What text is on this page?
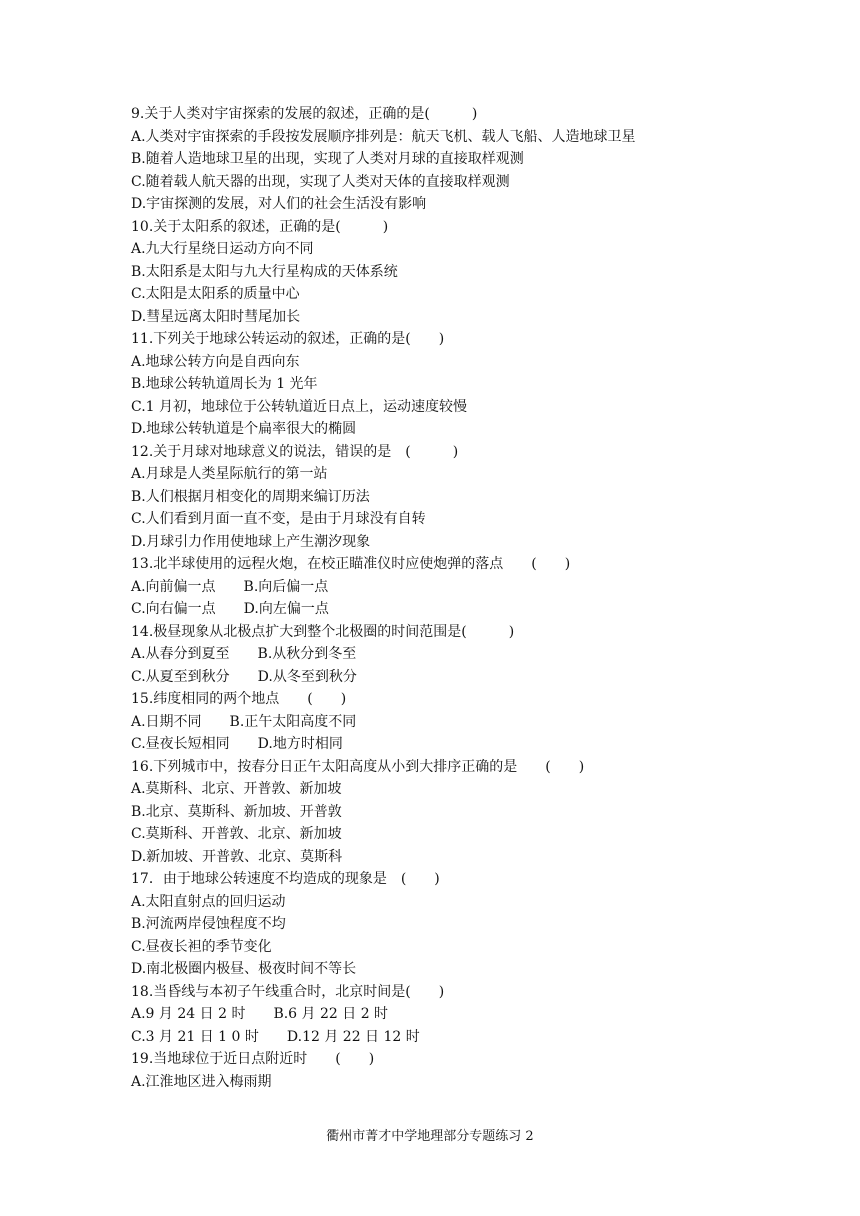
9.关于人类对宇宙探索的发展的叙述，正确的是(　　　)
A.人类对宇宙探索的手段按发展顺序排列是：航天飞机、载人飞船、人造地球卫星
B.随着人造地球卫星的出现，实现了人类对月球的直接取样观测
C.随着载人航天器的出现，实现了人类对天体的直接取样观测
D.宇宙探测的发展，对人们的社会生活没有影响
10.关于太阳系的叙述，正确的是(　　　)
A.九大行星绕日运动方向不同
B.太阳系是太阳与九大行星构成的天体系统
C.太阳是太阳系的质量中心
D.彗星远离太阳时彗尾加长
11.下列关于地球公转运动的叙述，正确的是(　　)
A.地球公转方向是自西向东
B.地球公转轨道周长为 1 光年
C.1 月初，地球位于公转轨道近日点上，运动速度较慢
D.地球公转轨道是个扁率很大的椭圆
12.关于月球对地球意义的说法，错误的是　(　　　)
A.月球是人类星际航行的第一站
B.人们根据月相变化的周期来编订历法
C.人们看到月面一直不变，是由于月球没有自转
D.月球引力作用使地球上产生潮汐现象
13.北半球使用的远程火炮，在校正瞄准仪时应使炮弹的落点　　(　　)
A.向前偏一点　　B.向后偏一点
C.向右偏一点　　D.向左偏一点
14.极昼现象从北极点扩大到整个北极圈的时间范围是(　　　)
A.从春分到夏至　　B.从秋分到冬至
C.从夏至到秋分　　D.从冬至到秋分
15.纬度相同的两个地点　　(　　)
A.日期不同　　B.正午太阳高度不同
C.昼夜长短相同　　D.地方时相同
16.下列城市中，按春分日正午太阳高度从小到大排序正确的是　　(　　)
A.莫斯科、北京、开普敦、新加坡
B.北京、莫斯科、新加坡、开普敦
C.莫斯科、开普敦、北京、新加坡
D.新加坡、开普敦、北京、莫斯科
17．由于地球公转速度不均造成的现象是　(　　)
A.太阳直射点的回归运动
B.河流两岸侵蚀程度不均
C.昼夜长袒的季节变化
D.南北极圈内极昼、极夜时间不等长
18.当昏线与本初子午线重合时，北京时间是(　　)
A.9 月 24 日 2 时　　B.6 月 22 日 2 时
C.3 月 21 日 1 0 时　　D.12 月 22 日 12 时
19.当地球位于近日点附近时　　(　　)
A.江淮地区进入梅雨期
衢州市菁才中学地理部分专题练习 2
